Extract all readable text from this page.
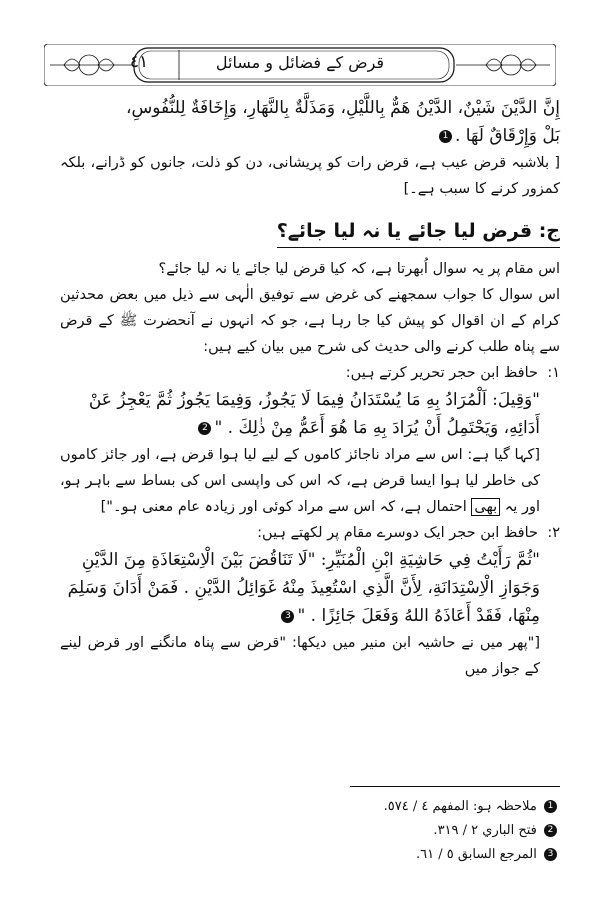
٤١	قرض کے فضائل و مسائل

إِنَّ الدَّيْنَ شَيْنٌ، الدَّيْنُ هَمٌّ بِاللَّيْلِ، وَمَذَلَّةٌ بِالنَّهَارِ، وَإِخَافَةٌ لِلنُّفُوسِ،

بَلْ وَإِرْقَاقٌ لَهَا .1

[ بلاشبہ قرض عیب ہے، قرض رات کو پریشانی، دن کو ذلت، جانوں کو ڈرانے، بلکہ کمزور کرنے کا سبب ہے۔]

ج: قرض لیا جائے یا نہ لیا جائے؟

اس مقام پر یہ سوال اُبھرتا ہے، کہ کیا قرض لیا جائے یا نہ لیا جائے؟

اس سوال کا جواب سمجھنے کی غرض سے توفیق الٰہی سے ذیل میں بعض محدثین کرام کے ان اقوال کو پیش کیا جا رہا ہے، جو کہ انہوں نے آنحضرت ﷺ کے قرض سے پناہ طلب کرنے والی حدیث کی شرح میں بیان کیے ہیں:

١:حافظ ابن حجر تحریر کرتے ہیں:

"وَقِيلَ: اَلْمُرَادُ بِهِ مَا يُسْتَدَانُ فِيمَا لَا يَجُوزُ، وَفِيمَا يَجُوزُ ثُمَّ يَعْجِزُ عَنْ أَدَائِهِ، وَيَحْتَمِلُ أَنْ يُرَادَ بِهِ مَا هُوَ أَعَمُّ مِنْ ذٰلِكَ . "2

[کہا گیا ہے: اس سے مراد ناجائز کاموں کے لیے لیا ہوا قرض ہے، اور جائز کاموں کی خاطر لیا ہوا ایسا قرض ہے، کہ اس کی واپسی اس کی بساط سے باہر ہو، اور یہ بھی احتمال ہے، کہ اس سے مراد کوئی اور زیادہ عام معنی ہو۔"]

٢:حافظ ابن حجر ایک دوسرے مقام پر لکھتے ہیں:

"ثُمَّ رَأَيْتُ فِي حَاشِيَةِ ابْنِ الْمُنَيِّرِ: "لَا تَنَاقُضَ بَيْنَ الْاِسْتِعَاذَةِ مِنَ الدَّيْنِ وَجَوَازِ الْاِسْتِدَانَةِ، لِأَنَّ الَّذِي اسْتُعِيذَ مِنْهُ غَوَائِلُ الدَّيْنِ . فَمَنْ أَدَانَ وَسَلِمَ مِنْهَا، فَقَدْ أَعَاذَهُ اللهُ وَفَعَلَ جَائِزًا . "3

["پھر میں نے حاشیہ ابن منیر میں دیکھا: "قرض سے پناہ مانگنے اور قرض لینے کے جواز میں

1 ملاحظہ ہو: المفهم ٤ / ٥٧٤.

2 فتح الباري ٢ / ٣١٩.

3 المرجع السابق ٥ / ٦١.
